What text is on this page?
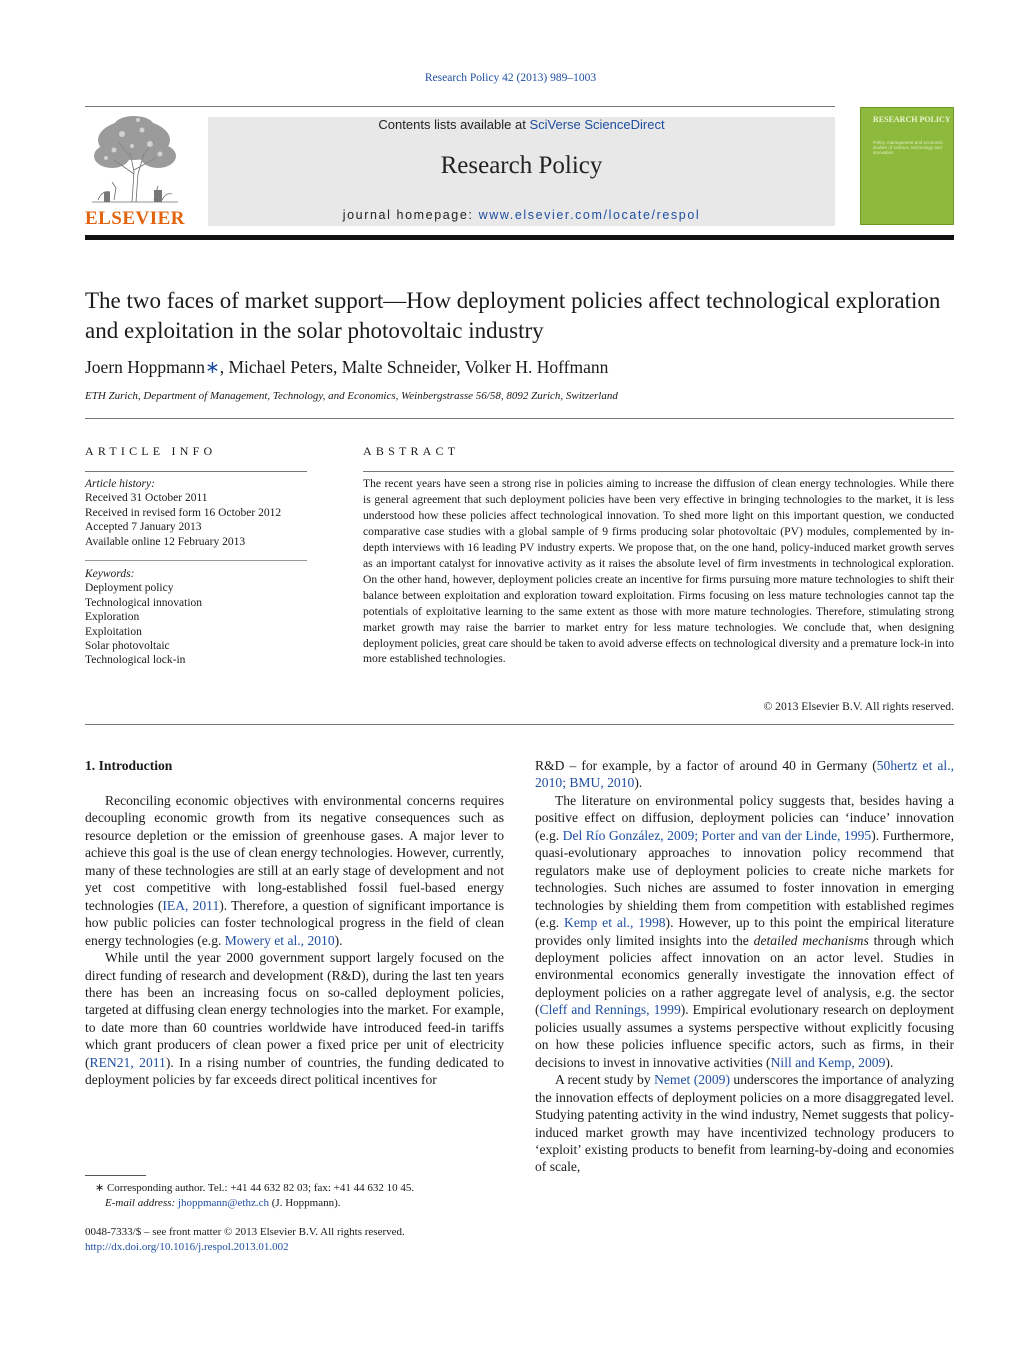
Research Policy 42 (2013) 989–1003
ELSEVIER
Contents lists available at SciVerse ScienceDirect
Research Policy
journal homepage: www.elsevier.com/locate/respol
RESEARCH POLICY
Policy, management and economic studies of science, technology and innovation
The two faces of market support—How deployment policies affect technological exploration and exploitation in the solar photovoltaic industry
Joern Hoppmann∗, Michael Peters, Malte Schneider, Volker H. Hoffmann
ETH Zurich, Department of Management, Technology, and Economics, Weinbergstrasse 56/58, 8092 Zurich, Switzerland
ARTICLE INFO
Article history:
Received 31 October 2011
Received in revised form 16 October 2012
Accepted 7 January 2013
Available online 12 February 2013
Keywords:
Deployment policy
Technological innovation
Exploration
Exploitation
Solar photovoltaic
Technological lock-in
ABSTRACT
The recent years have seen a strong rise in policies aiming to increase the diffusion of clean energy technologies. While there is general agreement that such deployment policies have been very effective in bringing technologies to the market, it is less understood how these policies affect technological innovation. To shed more light on this important question, we conducted comparative case studies with a global sample of 9 firms producing solar photovoltaic (PV) modules, complemented by in-depth interviews with 16 leading PV industry experts. We propose that, on the one hand, policy-induced market growth serves as an important catalyst for innovative activity as it raises the absolute level of firm investments in technological exploration. On the other hand, however, deployment policies create an incentive for firms pursuing more mature technologies to shift their balance between exploitation and exploration toward exploitation. Firms focusing on less mature technologies cannot tap the potentials of exploitative learning to the same extent as those with more mature technologies. Therefore, stimulating strong market growth may raise the barrier to market entry for less mature technologies. We conclude that, when designing deployment policies, great care should be taken to avoid adverse effects on technological diversity and a premature lock-in into more established technologies.
© 2013 Elsevier B.V. All rights reserved.
1. Introduction

Reconciling economic objectives with environmental concerns requires decoupling economic growth from its negative consequences such as resource depletion or the emission of greenhouse gases. A major lever to achieve this goal is the use of clean energy technologies. However, currently, many of these technologies are still at an early stage of development and not yet cost competitive with long-established fossil fuel-based energy technologies (IEA, 2011). Therefore, a question of significant importance is how public policies can foster technological progress in the field of clean energy technologies (e.g. Mowery et al., 2010).

While until the year 2000 government support largely focused on the direct funding of research and development (R&D), during the last ten years there has been an increasing focus on so-called deployment policies, targeted at diffusing clean energy technologies into the market. For example, to date more than 60 countries worldwide have introduced feed-in tariffs which grant producers of clean power a fixed price per unit of electricity (REN21, 2011). In a rising number of countries, the funding dedicated to deployment policies by far exceeds direct political incentives for

R&D – for example, by a factor of around 40 in Germany (50hertz et al., 2010; BMU, 2010).

The literature on environmental policy suggests that, besides having a positive effect on diffusion, deployment policies can ‘induce’ innovation (e.g. Del Río González, 2009; Porter and van der Linde, 1995). Furthermore, quasi-evolutionary approaches to innovation policy recommend that regulators make use of deployment policies to create niche markets for technologies. Such niches are assumed to foster innovation in emerging technologies by shielding them from competition with established regimes (e.g. Kemp et al., 1998). However, up to this point the empirical literature provides only limited insights into the detailed mechanisms through which deployment policies affect innovation on an actor level. Studies in environmental economics generally investigate the innovation effect of deployment policies on a rather aggregate level of analysis, e.g. the sector (Cleff and Rennings, 1999). Empirical evolutionary research on deployment policies usually assumes a systems perspective without explicitly focusing on how these policies influence specific actors, such as firms, in their decisions to invest in innovative activities (Nill and Kemp, 2009).

A recent study by Nemet (2009) underscores the importance of analyzing the innovation effects of deployment policies on a more disaggregated level. Studying patenting activity in the wind industry, Nemet suggests that policy-induced market growth may have incentivized technology producers to ‘exploit’ existing products to benefit from learning-by-doing and economies of scale,

∗ Corresponding author. Tel.: +41 44 632 82 03; fax: +41 44 632 10 45.
E-mail address: jhoppmann@ethz.ch (J. Hoppmann).
0048-7333/$ – see front matter © 2013 Elsevier B.V. All rights reserved.
http://dx.doi.org/10.1016/j.respol.2013.01.002
